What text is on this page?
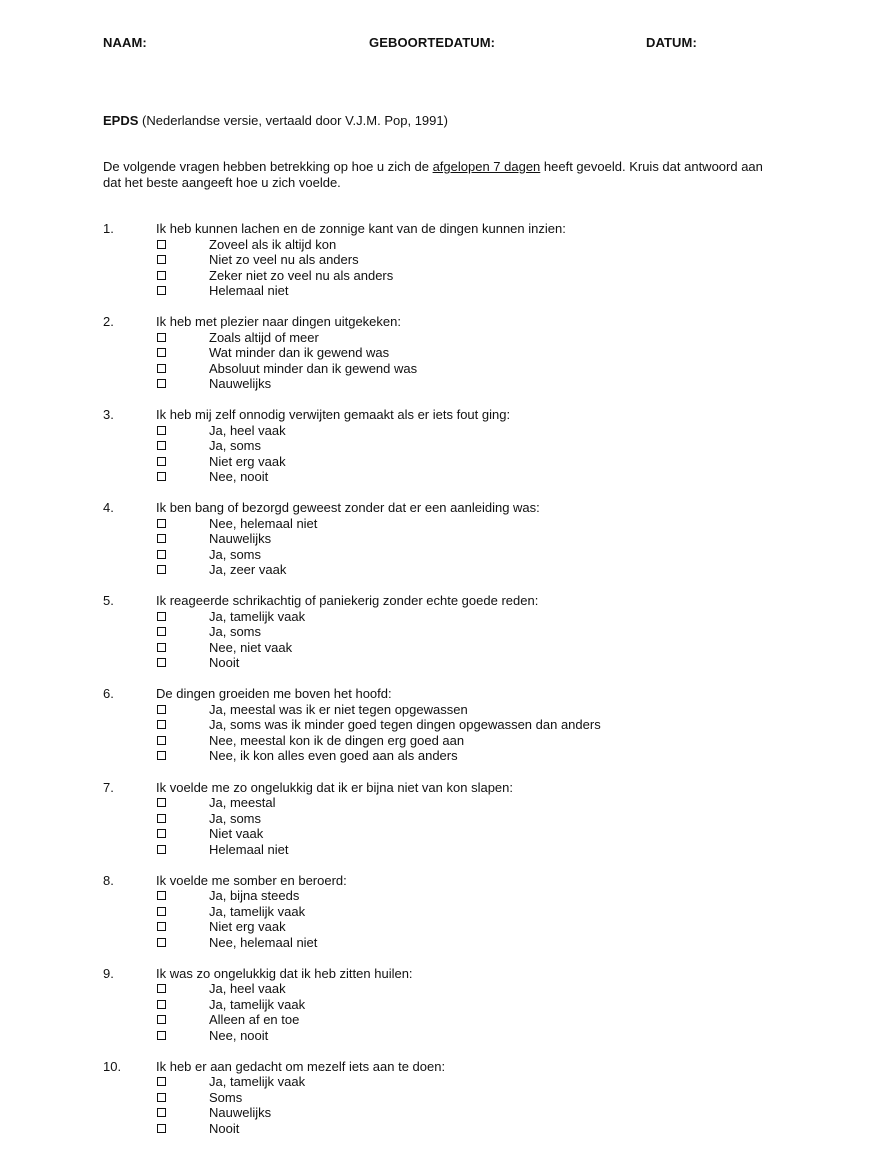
NAAM:	GEBOORTEDATUM:	DATUM:
EPDS (Nederlandse versie, vertaald door V.J.M. Pop, 1991)
De volgende vragen hebben betrekking op hoe u zich de afgelopen 7 dagen heeft gevoeld. Kruis dat antwoord aan dat het beste aangeeft hoe u zich voelde.
1.	Ik heb kunnen lachen en de zonnige kant van de dingen kunnen inzien:
Zoveel als ik altijd kon
Niet zo veel nu als anders
Zeker niet zo veel nu als anders
Helemaal niet
2.	Ik heb met plezier naar dingen uitgekeken:
Zoals altijd of meer
Wat minder dan ik gewend was
Absoluut minder dan ik gewend was
Nauwelijks
3.	Ik heb mij zelf onnodig verwijten gemaakt als er iets fout ging:
Ja, heel vaak
Ja, soms
Niet erg vaak
Nee, nooit
4.	Ik ben bang of bezorgd geweest zonder dat er een aanleiding was:
Nee, helemaal niet
Nauwelijks
Ja, soms
Ja, zeer vaak
5.	Ik reageerde schrikachtig of paniekerig zonder echte goede reden:
Ja, tamelijk vaak
Ja, soms
Nee, niet vaak
Nooit
6.	De dingen groeiden me boven het hoofd:
Ja, meestal was ik er niet tegen opgewassen
Ja, soms was ik minder goed tegen dingen opgewassen dan anders
Nee, meestal kon ik de dingen erg goed aan
Nee, ik kon alles even goed aan als anders
7.	Ik voelde me zo ongelukkig dat ik er bijna niet van kon slapen:
Ja, meestal
Ja, soms
Niet vaak
Helemaal niet
8.	Ik voelde me somber en beroerd:
Ja, bijna steeds
Ja, tamelijk vaak
Niet erg vaak
Nee, helemaal niet
9.	Ik was zo ongelukkig dat ik heb zitten huilen:
Ja, heel vaak
Ja, tamelijk vaak
Alleen af en toe
Nee, nooit
10.	Ik heb er aan gedacht om mezelf iets aan te doen:
Ja, tamelijk vaak
Soms
Nauwelijks
Nooit
